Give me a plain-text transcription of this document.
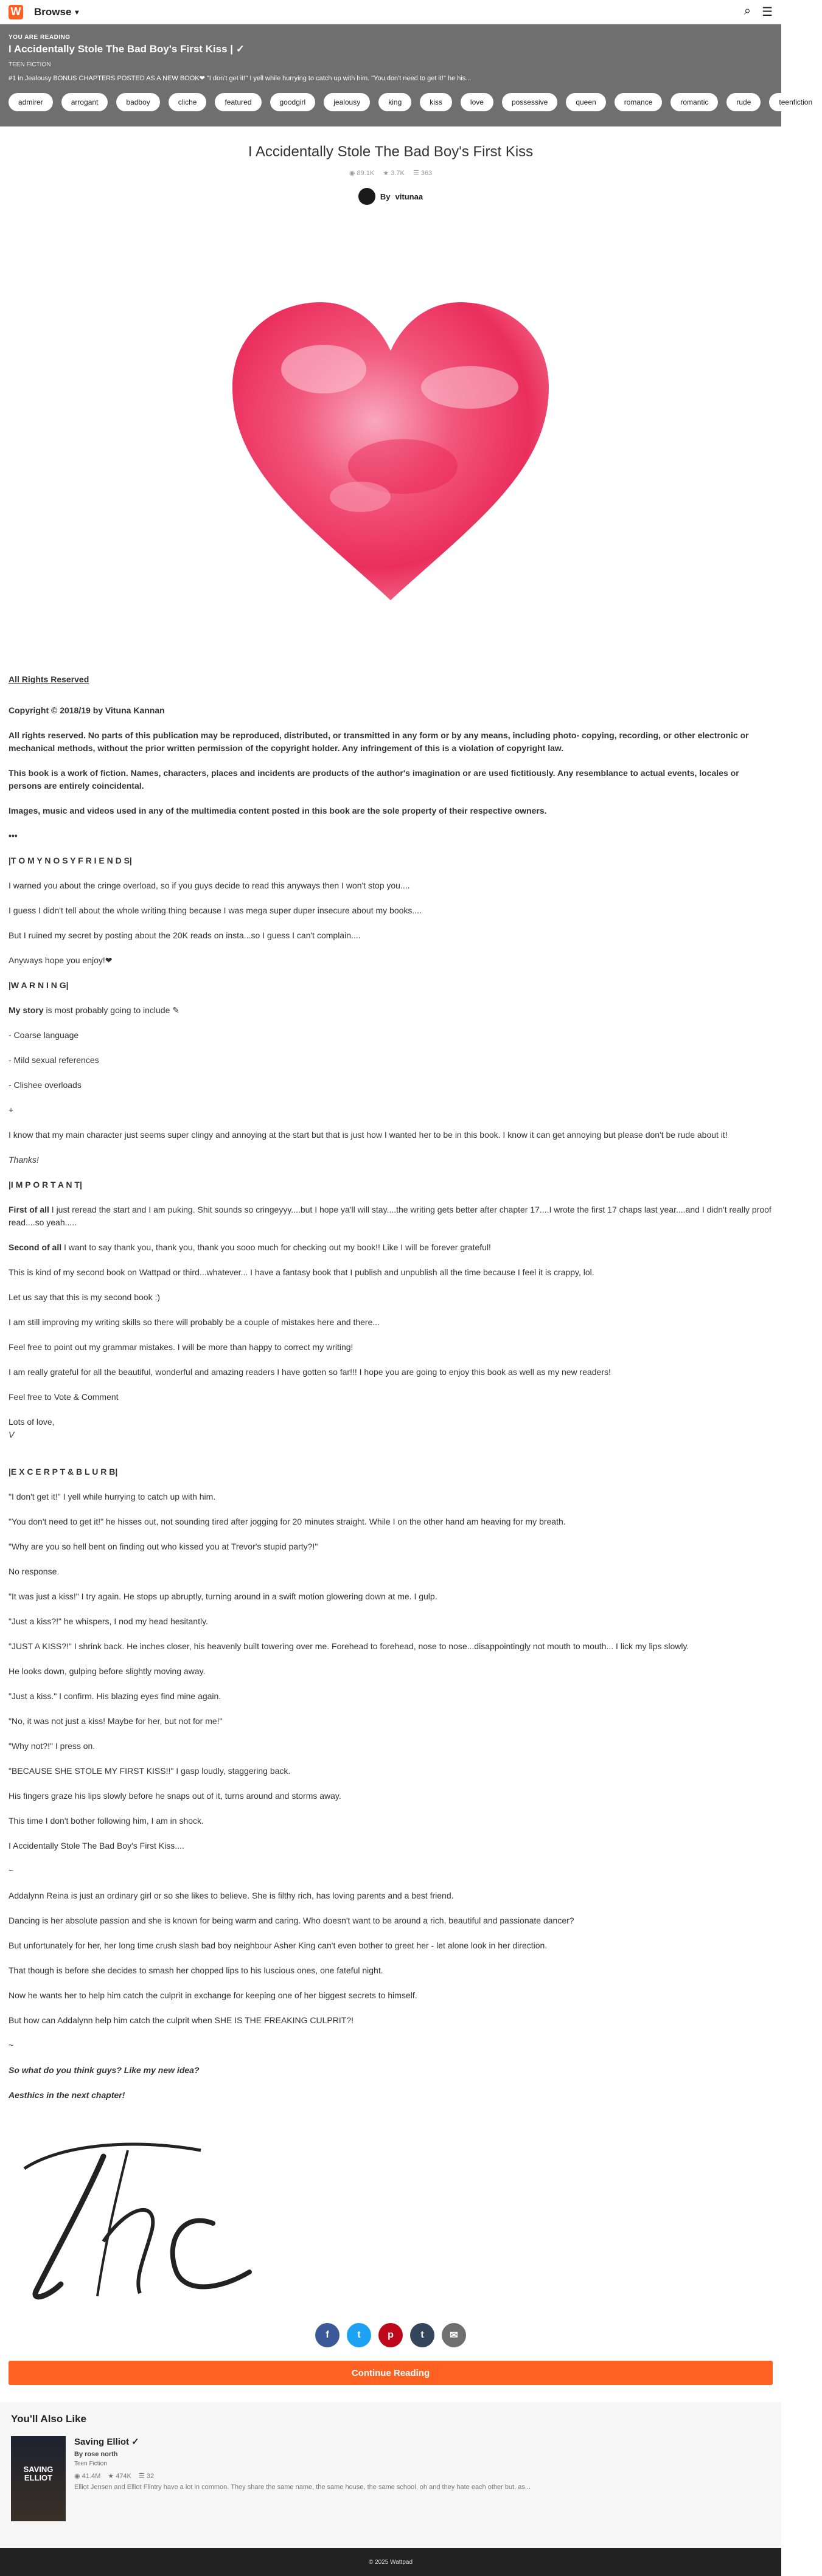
W Browse ▾	⌕ ☰
YOU ARE READING
I Accidentally Stole The Bad Boy's First Kiss | ✓
TEEN FICTION
#1 in Jealousy BONUS CHAPTERS POSTED AS A NEW BOOK❤ "I don't get it!" I yell while hurrying to catch up with him. "You don't need to get it!" he his...
admirer	arrogant	badboy	cliche	featured	goodgirl	jealousy	king	kiss	love	possessive	queen	romance	romantic	rude	teenfiction
I Accidentally Stole The Bad Boy's First Kiss
◉ 89.1K ★ 3.7K ☰ 363
By vitunaa

All Rights Reserved

Copyright © 2018/19 by Vituna Kannan

All rights reserved. No parts of this publication may be reproduced, distributed, or transmitted in any form or by any means, including photo- copying, recording, or other electronic or mechanical methods, without the prior written permission of the copyright holder. Any infringement of this is a violation of copyright law.

This book is a work of fiction. Names, characters, places and incidents are products of the author's imagination or are used fictitiously. Any resemblance to actual events, locales or persons are entirely coincidental.

Images, music and videos used in any of the multimedia content posted in this book are the sole property of their respective owners.

•••

|T O M Y N O S Y F R I E N D S|

I warned you about the cringe overload, so if you guys decide to read this anyways then I won't stop you....

I guess I didn't tell about the whole writing thing because I was mega super duper insecure about my books....

But I ruined my secret by posting about the 20K reads on insta...so I guess I can't complain....

Anyways hope you enjoy!❤

|W A R N I N G|

My story is most probably going to include ✎

- Coarse language

- Mild sexual references

- Clishee overloads

+

I know that my main character just seems super clingy and annoying at the start but that is just how I wanted her to be in this book. I know it can get annoying but please don't be rude about it!

Thanks!

|I M P O R T A N T|

First of all I just reread the start and I am puking. Shit sounds so cringeyyy....but I hope ya'll will stay....the writing gets better after chapter 17....I wrote the first 17 chaps last year....and I didn't really proof read....so yeah.....

Second of all I want to say thank you, thank you, thank you sooo much for checking out my book!! Like I will be forever grateful!

This is kind of my second book on Wattpad or third...whatever... I have a fantasy book that I publish and unpublish all the time because I feel it is crappy, lol.

Let us say that this is my second book :)

I am still improving my writing skills so there will probably be a couple of mistakes here and there...

Feel free to point out my grammar mistakes. I will be more than happy to correct my writing!

I am really grateful for all the beautiful, wonderful and amazing readers I have gotten so far!!! I hope you are going to enjoy this book as well as my new readers!

Feel free to Vote & Comment

Lots of love,
V

|E X C E R P T & B L U R B|

"I don't get it!" I yell while hurrying to catch up with him.

"You don't need to get it!" he hisses out, not sounding tired after jogging for 20 minutes straight. While I on the other hand am heaving for my breath.

"Why are you so hell bent on finding out who kissed you at Trevor's stupid party?!"

No response.

"It was just a kiss!" I try again. He stops up abruptly, turning around in a swift motion glowering down at me. I gulp.

"Just a kiss?!" he whispers, I nod my head hesitantly.

"JUST A KISS?!" I shrink back. He inches closer, his heavenly built towering over me. Forehead to forehead, nose to nose...disappointingly not mouth to mouth... I lick my lips slowly.

He looks down, gulping before slightly moving away.

"Just a kiss." I confirm. His blazing eyes find mine again.

"No, it was not just a kiss! Maybe for her, but not for me!"

"Why not?!" I press on.

"BECAUSE SHE STOLE MY FIRST KISS!!" I gasp loudly, staggering back.

His fingers graze his lips slowly before he snaps out of it, turns around and storms away.

This time I don't bother following him, I am in shock.

I Accidentally Stole The Bad Boy's First Kiss....

~

Addalynn Reina is just an ordinary girl or so she likes to believe. She is filthy rich, has loving parents and a best friend.

Dancing is her absolute passion and she is known for being warm and caring. Who doesn't want to be around a rich, beautiful and passionate dancer?

But unfortunately for her, her long time crush slash bad boy neighbour Asher King can't even bother to greet her - let alone look in her direction.

That though is before she decides to smash her chopped lips to his luscious ones, one fateful night.

Now he wants her to help him catch the culprit in exchange for keeping one of her biggest secrets to himself.

But how can Addalynn help him catch the culprit when SHE IS THE FREAKING CULPRIT?!

~

So what do you think guys? Like my new idea?

Aesthics in the next chapter!

f	t	p	t	✉
Continue Reading
You'll Also Like
SAVING ELLIOT
Saving Elliot ✓
By rose north
Teen Fiction
◉ 41.4M ★ 474K ☰ 32
Elliot Jensen and Elliot Flintry have a lot in common. They share the same name, the same house, the same school, oh and they hate each other but, as...
© 2025 Wattpad
